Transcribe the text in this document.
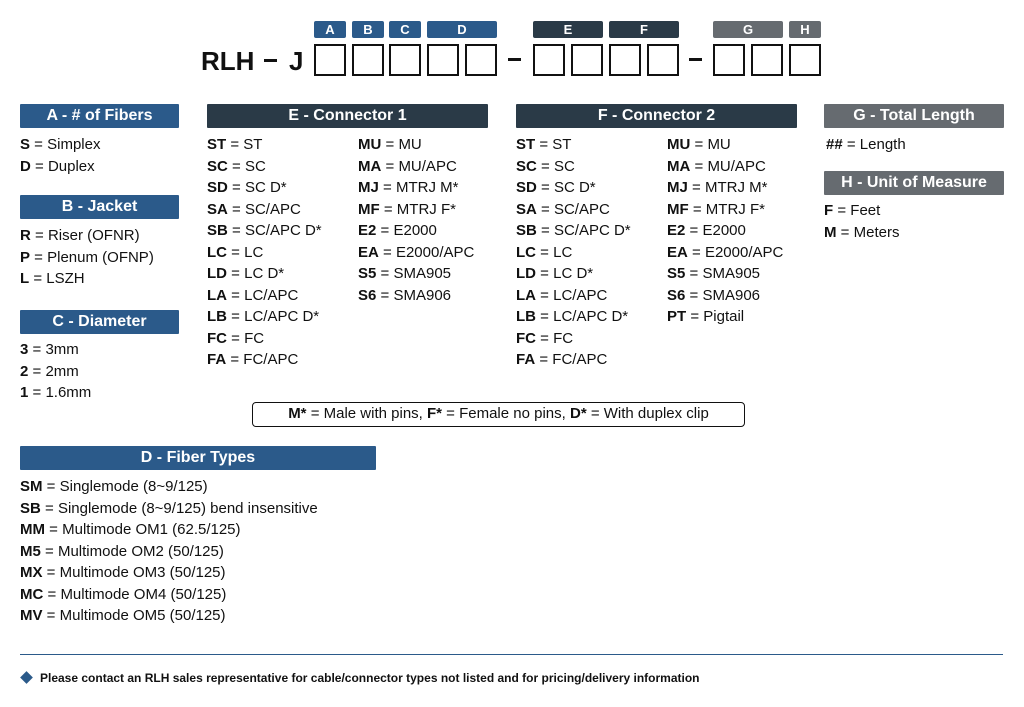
RLH J
A	B	C	D	E	F	G	H
A - # of Fibers
S = Simplex
D = Duplex
B - Jacket
R = Riser (OFNR)
P = Plenum (OFNP)
L = LSZH
C - Diameter
3 = 3mm
2 = 2mm
1 = 1.6mm
E - Connector 1
ST = ST
SC = SC
SD = SC D*
SA = SC/APC
SB = SC/APC D*
LC = LC
LD = LC D*
LA = LC/APC
LB = LC/APC D*
FC = FC
FA = FC/APC
MU = MU
MA = MU/APC
MJ = MTRJ M*
MF = MTRJ F*
E2 = E2000
EA = E2000/APC
S5 = SMA905
S6 = SMA906
F - Connector 2
ST = ST
SC = SC
SD = SC D*
SA = SC/APC
SB = SC/APC D*
LC = LC
LD = LC D*
LA = LC/APC
LB = LC/APC D*
FC = FC
FA = FC/APC
MU = MU
MA = MU/APC
MJ = MTRJ M*
MF = MTRJ F*
E2 = E2000
EA = E2000/APC
S5 = SMA905
S6 = SMA906
PT = Pigtail
G - Total Length
## = Length
H - Unit of Measure
F = Feet
M = Meters
M* = Male with pins, F* = Female no pins, D* = With duplex clip
D - Fiber Types
SM = Singlemode (8~9/125)
SB = Singlemode (8~9/125) bend insensitive
MM = Multimode OM1 (62.5/125)
M5 = Multimode OM2 (50/125)
MX = Multimode OM3 (50/125)
MC = Multimode OM4 (50/125)
MV = Multimode OM5 (50/125)
Please contact an RLH sales representative for cable/connector types not listed and for pricing/delivery information
